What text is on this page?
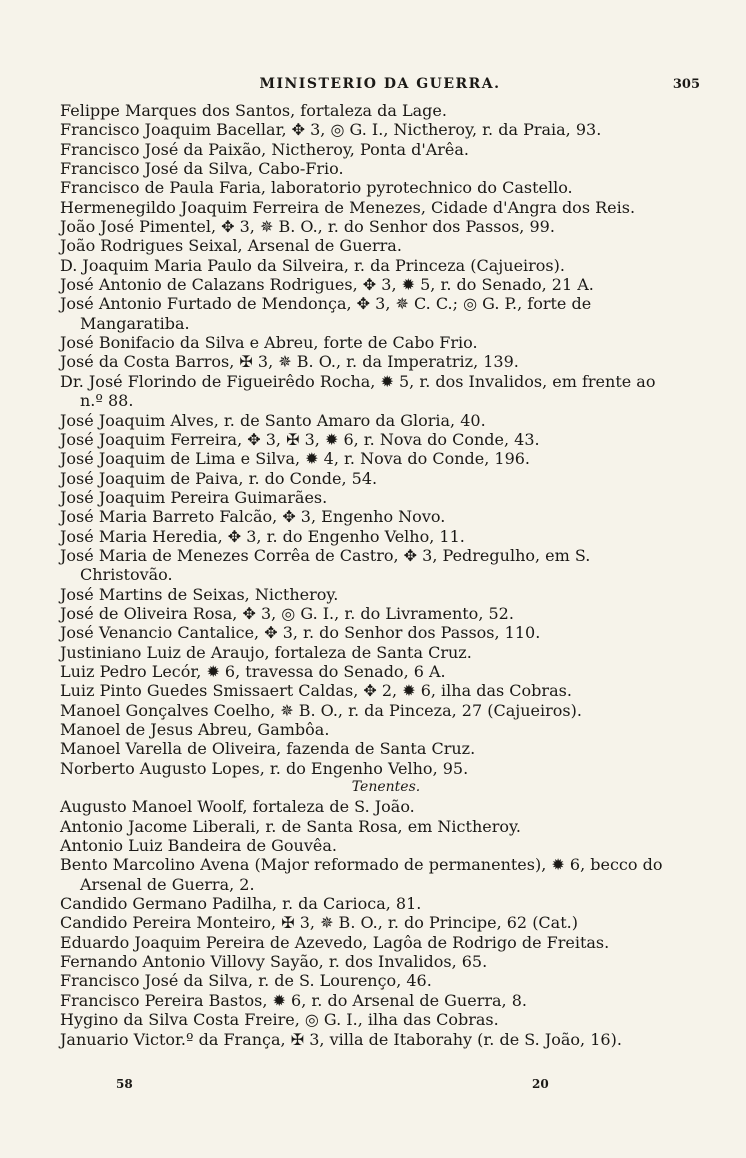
MINISTERIO DA GUERRA.	305

Felippe Marques dos Santos, fortaleza da Lage.

Francisco Joaquim Bacellar, ✥ 3, ◎ G. I., Nictheroy, r. da Praia, 93.

Francisco José da Paixão, Nictheroy, Ponta d'Arêa.

Francisco José da Silva, Cabo-Frio.

Francisco de Paula Faria, laboratorio pyrotechnico do Castello.

Hermenegildo Joaquim Ferreira de Menezes, Cidade d'Angra dos Reis.

João José Pimentel, ✥ 3, ✵ B. O., r. do Senhor dos Passos, 99.

João Rodrigues Seixal, Arsenal de Guerra.

D. Joaquim Maria Paulo da Silveira, r. da Princeza (Cajueiros).

José Antonio de Calazans Rodrigues, ✥ 3, ✹ 5, r. do Senado, 21 A.

José Antonio Furtado de Mendonça, ✥ 3, ✵ C. C.; ◎ G. P., forte de Mangaratiba.

José Bonifacio da Silva e Abreu, forte de Cabo Frio.

José da Costa Barros, ✠ 3, ✵ B. O., r. da Imperatriz, 139.

Dr. José Florindo de Figueirêdo Rocha, ✹ 5, r. dos Invalidos, em frente ao n.º 88.

José Joaquim Alves, r. de Santo Amaro da Gloria, 40.

José Joaquim Ferreira, ✥ 3, ✠ 3, ✹ 6, r. Nova do Conde, 43.

José Joaquim de Lima e Silva, ✹ 4, r. Nova do Conde, 196.

José Joaquim de Paiva, r. do Conde, 54.

José Joaquim Pereira Guimarães.

José Maria Barreto Falcão, ✥ 3, Engenho Novo.

José Maria Heredia, ✥ 3, r. do Engenho Velho, 11.

José Maria de Menezes Corrêa de Castro, ✥ 3, Pedregulho, em S. Christovão.

José Martins de Seixas, Nictheroy.

José de Oliveira Rosa, ✥ 3, ◎ G. I., r. do Livramento, 52.

José Venancio Cantalice, ✥ 3, r. do Senhor dos Passos, 110.

Justiniano Luiz de Araujo, fortaleza de Santa Cruz.

Luiz Pedro Lecór, ✹ 6, travessa do Senado, 6 A.

Luiz Pinto Guedes Smissaert Caldas, ✥ 2, ✹ 6, ilha das Cobras.

Manoel Gonçalves Coelho, ✵ B. O., r. da Pinceza, 27 (Cajueiros).

Manoel de Jesus Abreu, Gambôa.

Manoel Varella de Oliveira, fazenda de Santa Cruz.

Norberto Augusto Lopes, r. do Engenho Velho, 95.

Tenentes.

Augusto Manoel Woolf, fortaleza de S. João.

Antonio Jacome Liberali, r. de Santa Rosa, em Nictheroy.

Antonio Luiz Bandeira de Gouvêa.

Bento Marcolino Avena (Major reformado de permanentes), ✹ 6, becco do Arsenal de Guerra, 2.

Candido Germano Padilha, r. da Carioca, 81.

Candido Pereira Monteiro, ✠ 3, ✵ B. O., r. do Principe, 62 (Cat.)

Eduardo Joaquim Pereira de Azevedo, Lagôa de Rodrigo de Freitas.

Fernando Antonio Villovy Sayão, r. dos Invalidos, 65.

Francisco José da Silva, r. de S. Lourenço, 46.

Francisco Pereira Bastos, ✹ 6, r. do Arsenal de Guerra, 8.

Hygino da Silva Costa Freire, ◎ G. I., ilha das Cobras.

Januario Victor.º da França, ✠ 3, villa de Itaborahy (r. de S. João, 16).

58	20
